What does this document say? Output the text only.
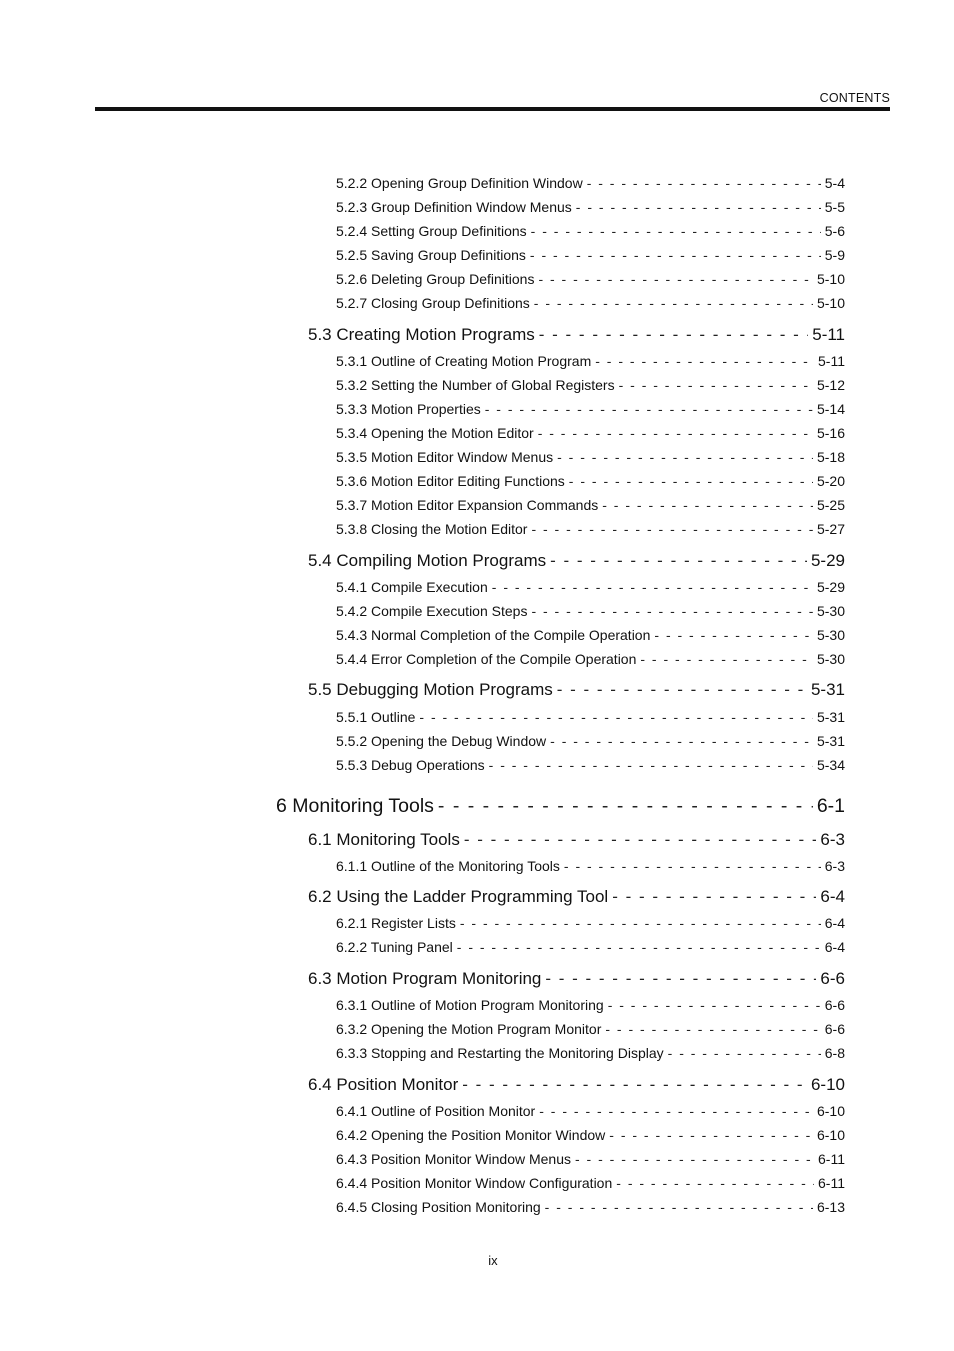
CONTENTS
5.2.2 Opening Group Definition Window - - -	5-4
5.2.3 Group Definition Window Menus - - -	5-5
5.2.4 Setting Group Definitions - - -	5-6
5.2.5 Saving Group Definitions - - -	5-9
5.2.6 Deleting Group Definitions - - -	5-10
5.2.7 Closing Group Definitions - - -	5-10
5.3 Creating Motion Programs - - -	5-11
5.3.1 Outline of Creating Motion Program - - -	5-11
5.3.2 Setting the Number of Global Registers - - -	5-12
5.3.3 Motion Properties - - -	5-14
5.3.4 Opening the Motion Editor - - -	5-16
5.3.5 Motion Editor Window Menus - - -	5-18
5.3.6 Motion Editor Editing Functions - - -	5-20
5.3.7 Motion Editor Expansion Commands - - -	5-25
5.3.8 Closing the Motion Editor - - -	5-27
5.4 Compiling Motion Programs - - -	5-29
5.4.1 Compile Execution - - -	5-29
5.4.2 Compile Execution Steps - - -	5-30
5.4.3 Normal Completion of the Compile Operation - - -	5-30
5.4.4 Error Completion of the Compile Operation - - -	5-30
5.5 Debugging Motion Programs - - -	5-31
5.5.1 Outline - - -	5-31
5.5.2 Opening the Debug Window - - -	5-31
5.5.3 Debug Operations - - -	5-34
6 Monitoring Tools - - -	6-1
6.1 Monitoring Tools - - -	6-3
6.1.1 Outline of the Monitoring Tools - - -	6-3
6.2 Using the Ladder Programming Tool - - -	6-4
6.2.1 Register Lists - - -	6-4
6.2.2 Tuning Panel - - -	6-4
6.3 Motion Program Monitoring - - -	6-6
6.3.1 Outline of Motion Program Monitoring - - -	6-6
6.3.2 Opening the Motion Program Monitor - - -	6-6
6.3.3 Stopping and Restarting the Monitoring Display - - -	6-8
6.4 Position Monitor - - -	6-10
6.4.1 Outline of Position Monitor - - -	6-10
6.4.2 Opening the Position Monitor Window - - -	6-10
6.4.3 Position Monitor Window Menus - - -	6-11
6.4.4 Position Monitor Window Configuration - - -	6-11
6.4.5 Closing Position Monitoring - - -	6-13
ix
